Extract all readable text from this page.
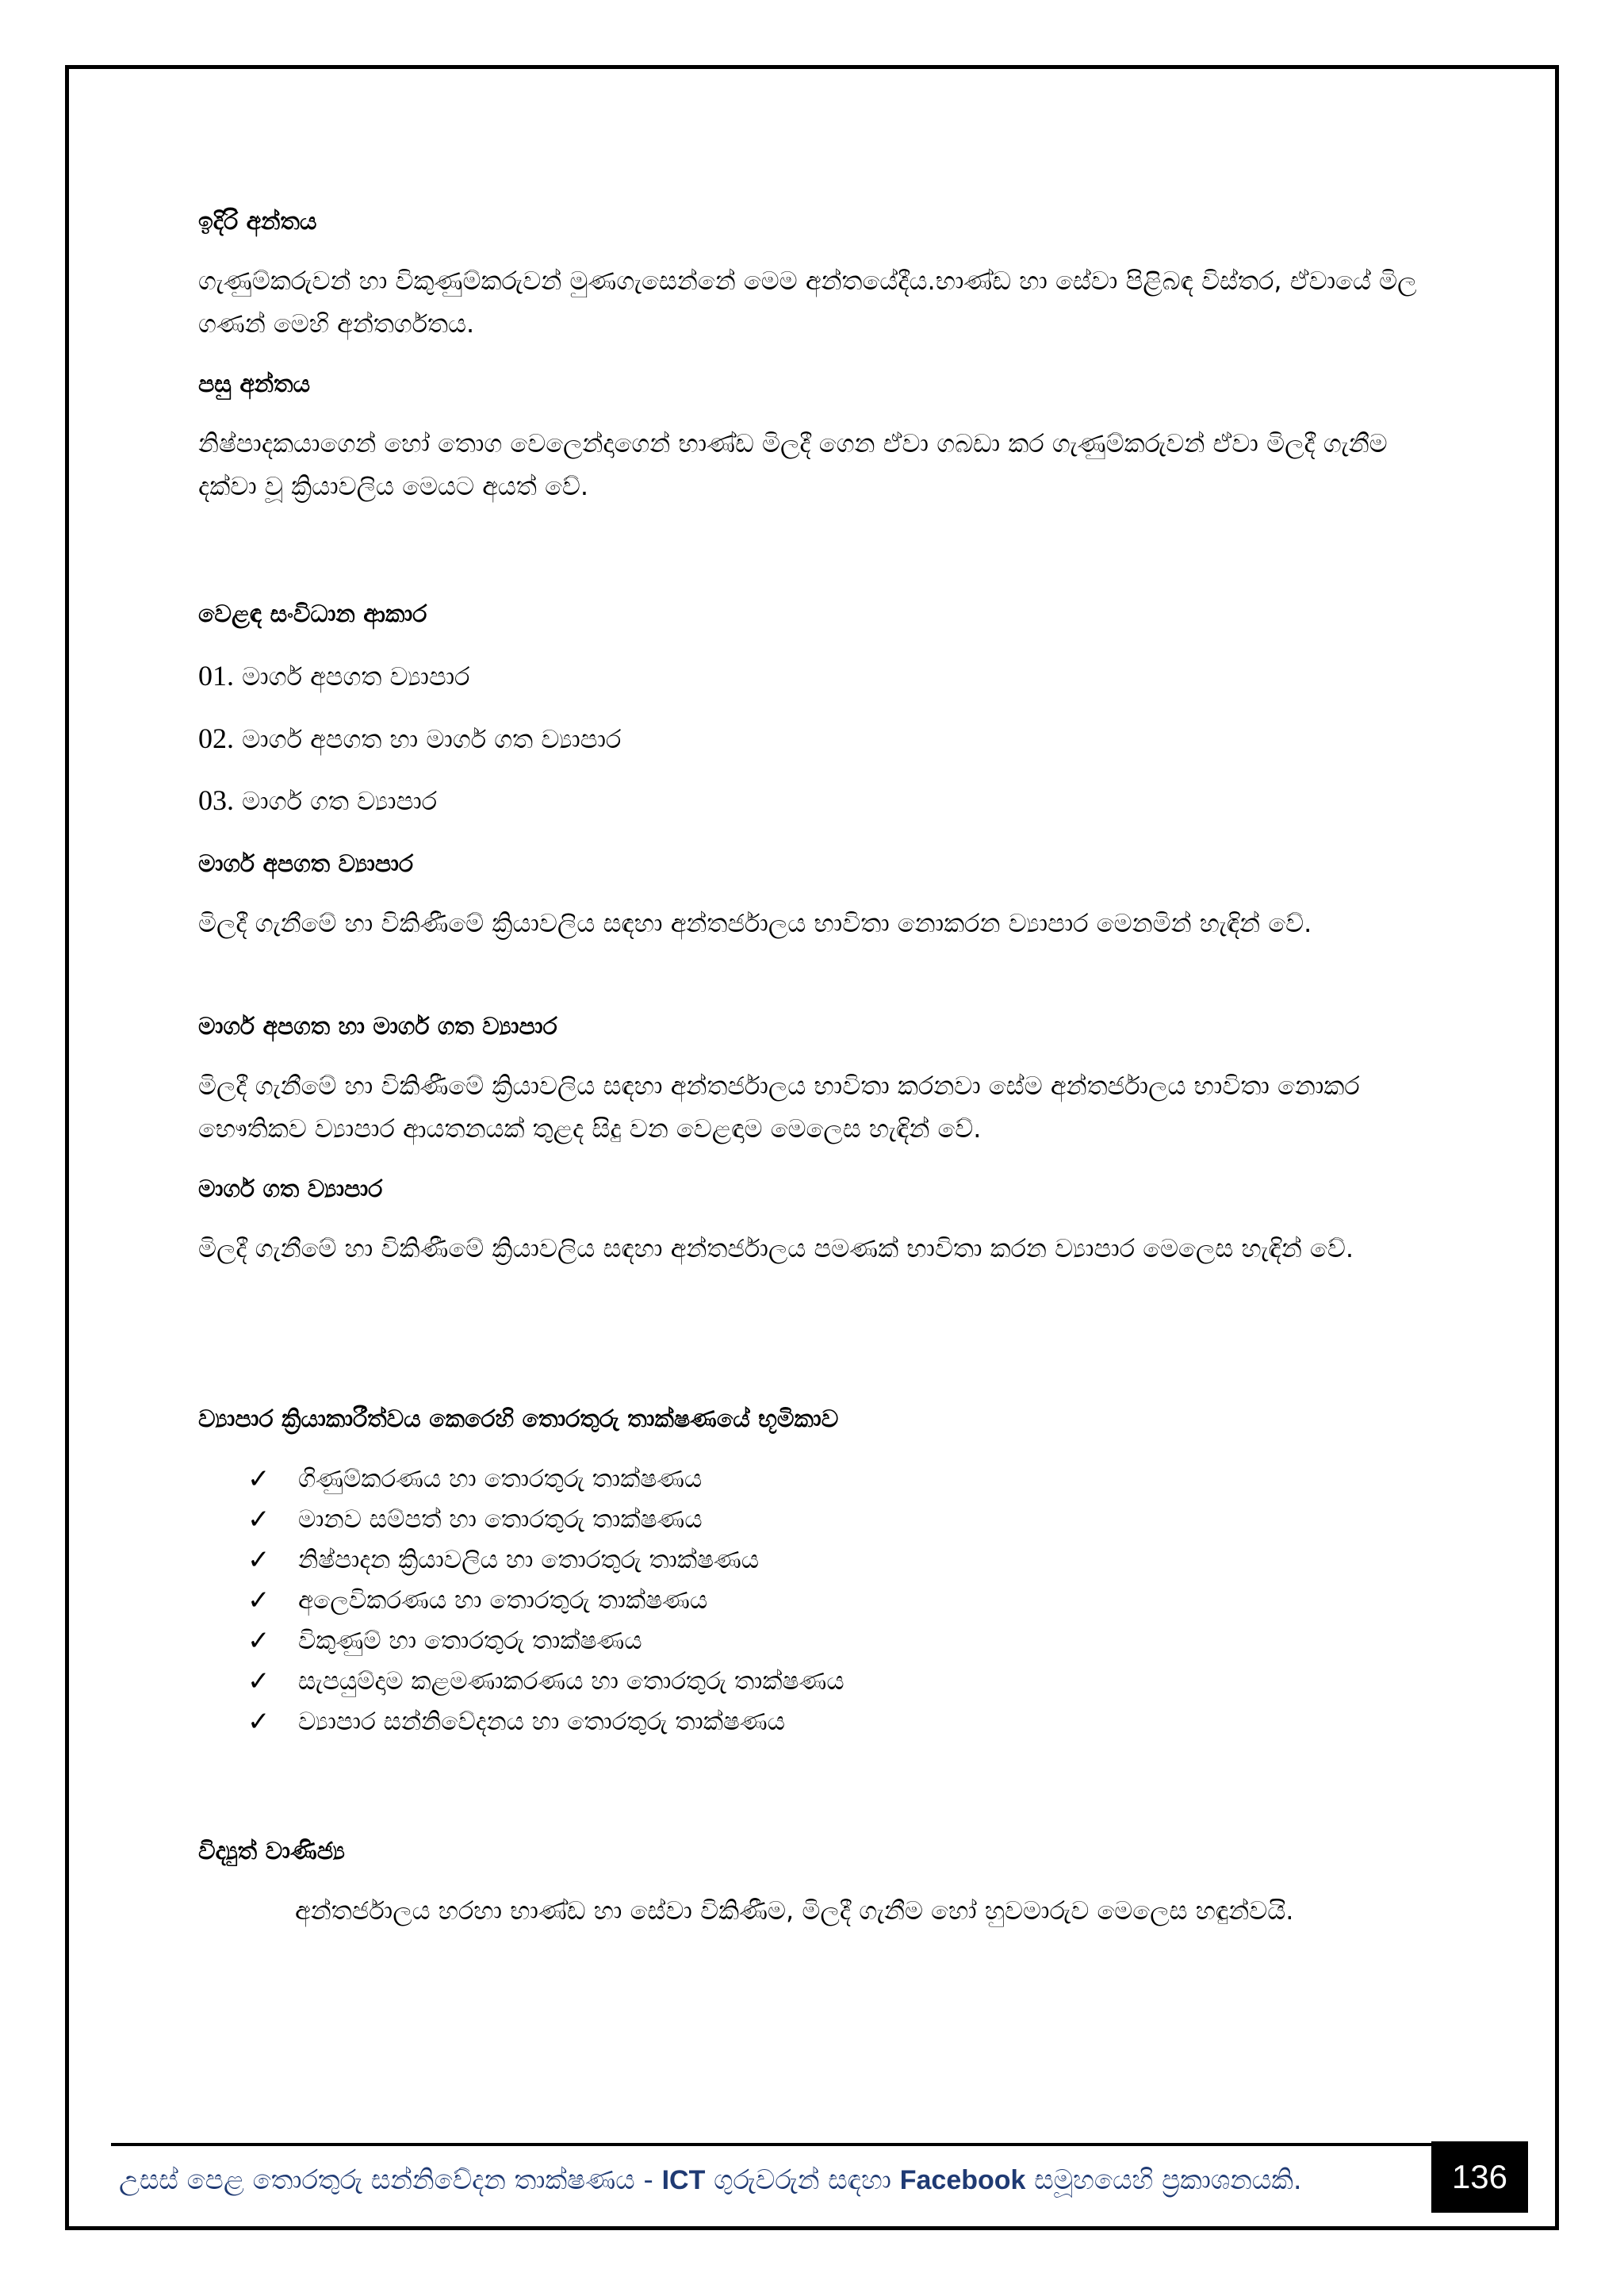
ඉදිරි අන්තය

ගැණුම්කරුවන් හා විකුණුම්කරුවන් මුණගැසෙන්නේ මෙම අන්තයේදීය.භාණ්ඩ හා සේවා පිළිබඳ විස්තර, ඒවායේ මිල ගණන් මෙහි අන්තර්ගතය.

පසු අන්තය

නිෂ්පාදකයාගෙන් හෝ තොග වෙලෙන්දාගෙන් භාණ්ඩ මිලදී ගෙන ඒවා ගබඩා කර ගැණුම්කරුවන් ඒවා මිලදී ගැනීම දක්වා වූ ක්‍රියාවලිය මෙයට අයත් වේ.

වෙළඳ සංවිධාන ආකාර
01. මාර්ග අපගත ව්‍යාපාර
02. මාර්ග අපගත හා මාර්ග ගත ව්‍යාපාර
03. මාර්ග ගත ව්‍යාපාර
මාර්ග අපගත ව්‍යාපාර

මිලදී ගැනීමේ හා විකිණීමේ ක්‍රියාවලිය සඳහා අන්තර්ජාලය භාවිතා නොකරන ව්‍යාපාර මෙනමින් හැඳින් වේ.

මාර්ග අපගත හා මාර්ග ගත ව්‍යාපාර

මිලදී ගැනීමේ හා විකිණීමේ ක්‍රියාවලිය සඳහා අන්තර්ජාලය භාවිතා කරනවා සේම අන්තර්ජාලය භාවිතා නොකර භෞතිකව ව්‍යාපාර ආයතනයක් තුළද සිදු වන වෙළඳාම මෙලෙස හැඳින් වේ.

මාර්ග ගත ව්‍යාපාර

මිලදී ගැනීමේ හා විකිණීමේ ක්‍රියාවලිය සඳහා අන්තර්ජාලය පමණක් භාවිතා කරන ව්‍යාපාර මෙලෙස හැඳින් වේ.

ව්‍යාපාර ක්‍රියාකාරීත්වය කෙරෙහි තොරතුරු තාක්ෂණයේ භූමිකාව
✓	ගිණුම්කරණය හා තොරතුරු තාක්ෂණය
✓	මානව සම්පත් හා තොරතුරු තාක්ෂණය
✓	නිෂ්පාදන ක්‍රියාවලිය හා තොරතුරු තාක්ෂණය
✓	අලෙවිකරණය හා තොරතුරු තාක්ෂණය
✓	විකුණුම් හා තොරතුරු තාක්ෂණය
✓	සැපයුම්දාම කළමණාකරණය හා තොරතුරු තාක්ෂණය
✓	ව්‍යාපාර සන්නිවේදනය හා තොරතුරු තාක්ෂණය
විද්‍යුත් වාණිජ්‍ය

අන්තර්ජාලය හරහා භාණ්ඩ හා සේවා විකිණීම, මිලදී ගැනීම හෝ හුවමාරුව මෙලෙස හඳුන්වයි.

උසස් පෙළ තොරතුරු සන්නිවේදන තාක්ෂණය - ICT ගුරුවරුන් සඳහා Facebook සමූහයෙහි ප්‍රකාශනයකි.	136
